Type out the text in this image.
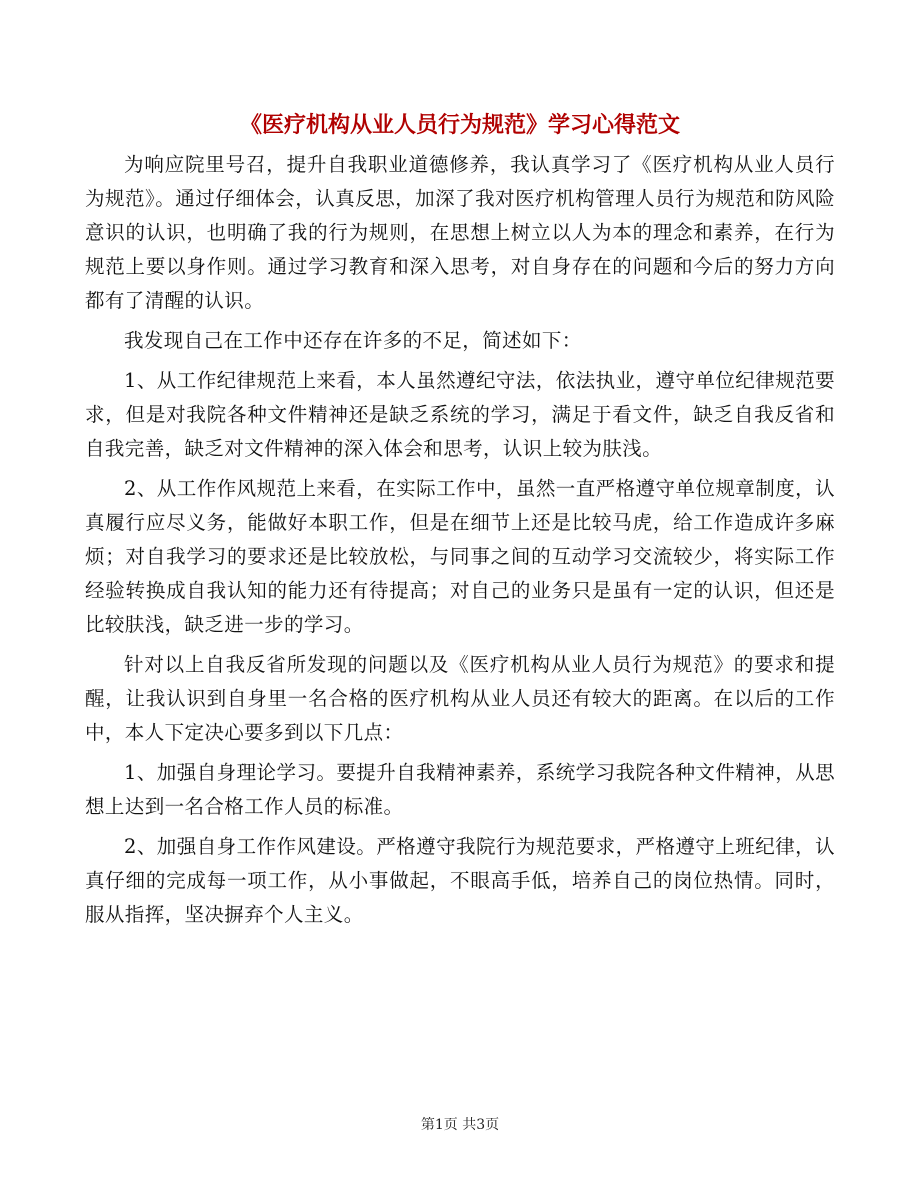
《医疗机构从业人员行为规范》学习心得范文

为响应院里号召，提升自我职业道德修养，我认真学习了《医疗机构从业人员行为规范》。通过仔细体会，认真反思，加深了我对医疗机构管理人员行为规范和防风险意识的认识，也明确了我的行为规则，在思想上树立以人为本的理念和素养，在行为规范上要以身作则。通过学习教育和深入思考，对自身存在的问题和今后的努力方向都有了清醒的认识。

我发现自己在工作中还存在许多的不足，简述如下：

1、从工作纪律规范上来看，本人虽然遵纪守法，依法执业，遵守单位纪律规范要求，但是对我院各种文件精神还是缺乏系统的学习，满足于看文件，缺乏自我反省和自我完善，缺乏对文件精神的深入体会和思考，认识上较为肤浅。

2、从工作作风规范上来看，在实际工作中，虽然一直严格遵守单位规章制度，认真履行应尽义务，能做好本职工作，但是在细节上还是比较马虎，给工作造成许多麻烦；对自我学习的要求还是比较放松，与同事之间的互动学习交流较少，将实际工作经验转换成自我认知的能力还有待提高；对自己的业务只是虽有一定的认识，但还是比较肤浅，缺乏进一步的学习。

针对以上自我反省所发现的问题以及《医疗机构从业人员行为规范》的要求和提醒，让我认识到自身里一名合格的医疗机构从业人员还有较大的距离。在以后的工作中，本人下定决心要多到以下几点：

1、加强自身理论学习。要提升自我精神素养，系统学习我院各种文件精神，从思想上达到一名合格工作人员的标准。

2、加强自身工作作风建设。严格遵守我院行为规范要求，严格遵守上班纪律，认真仔细的完成每一项工作，从小事做起，不眼高手低，培养自己的岗位热情。同时，服从指挥，坚决摒弃个人主义。

第1页 共3页
